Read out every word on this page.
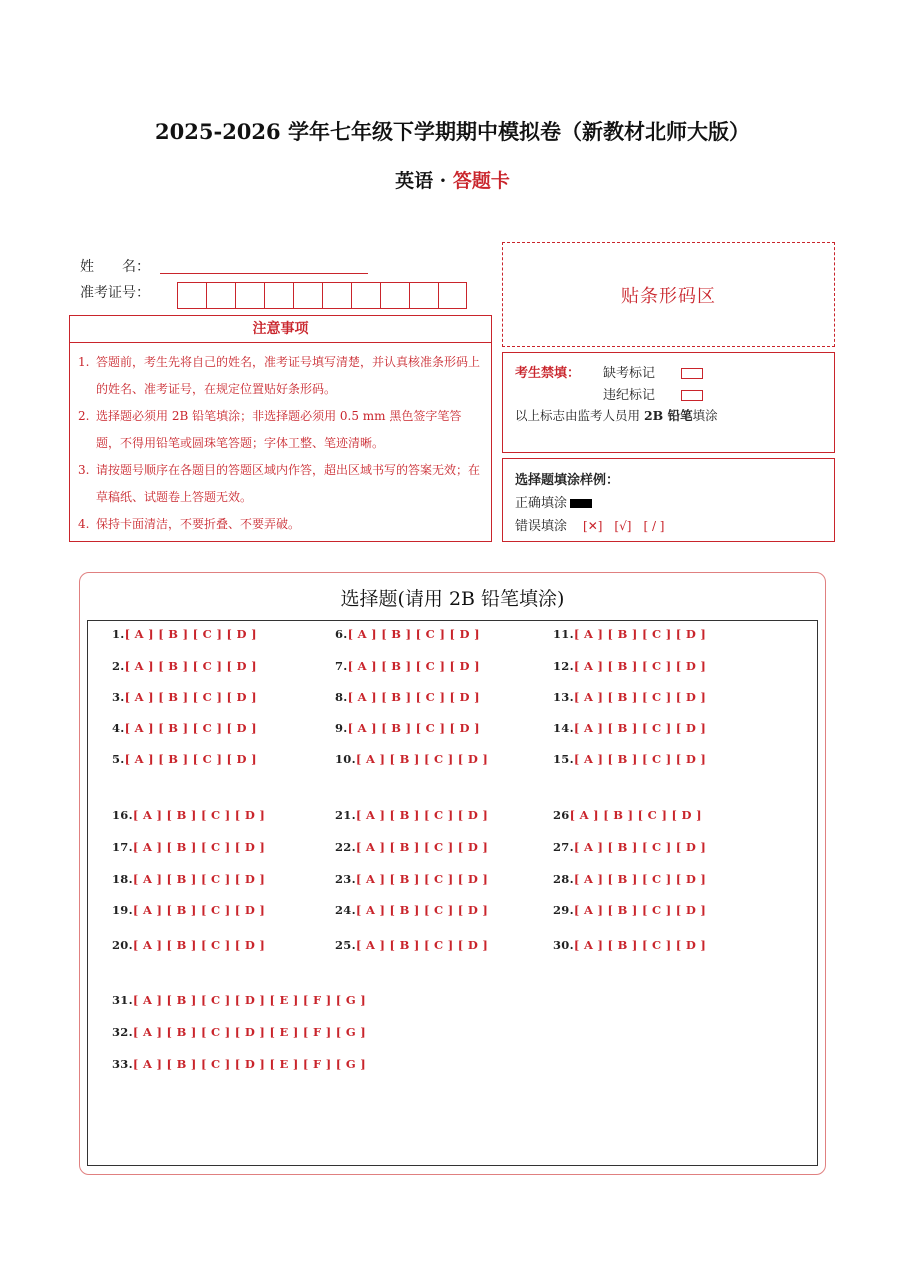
2025-2026 学年七年级下学期期中模拟卷（新教材北师大版）
英语 · 答题卡
姓　　名：
准考证号：
注意事项
1. 答题前，考生先将自己的姓名，准考证号填写清楚，并认真核准条形码上的姓名、准考证号，在规定位置贴好条形码。
2. 选择题必须用 2B 铅笔填涂；非选择题必须用 0.5 mm 黑色签字笔答题，不得用铅笔或圆珠笔答题；字体工整、笔迹清晰。
3. 请按题号顺序在各题目的答题区域内作答，超出区域书写的答案无效；在草稿纸、试题卷上答题无效。
4. 保持卡面清洁，不要折叠、不要弄破。
贴条形码区
考生禁填： 缺考标记
违纪标记
以上标志由监考人员用 2B 铅笔填涂
选择题填涂样例：
正确填涂
错误填涂 [✕]　[√]　[ / ]
选择题(请用 2B 铅笔填涂)
1.[ A ] [ B ] [ C ] [ D ]
2.[ A ] [ B ] [ C ] [ D ]
3.[ A ] [ B ] [ C ] [ D ]
4.[ A ] [ B ] [ C ] [ D ]
5.[ A ] [ B ] [ C ] [ D ]
6.[ A ] [ B ] [ C ] [ D ]
7.[ A ] [ B ] [ C ] [ D ]
8.[ A ] [ B ] [ C ] [ D ]
9.[ A ] [ B ] [ C ] [ D ]
10.[ A ] [ B ] [ C ] [ D ]
11.[ A ] [ B ] [ C ] [ D ]
12.[ A ] [ B ] [ C ] [ D ]
13.[ A ] [ B ] [ C ] [ D ]
14.[ A ] [ B ] [ C ] [ D ]
15.[ A ] [ B ] [ C ] [ D ]
16.[ A ] [ B ] [ C ] [ D ]
17.[ A ] [ B ] [ C ] [ D ]
18.[ A ] [ B ] [ C ] [ D ]
19.[ A ] [ B ] [ C ] [ D ]
20.[ A ] [ B ] [ C ] [ D ]
21.[ A ] [ B ] [ C ] [ D ]
22.[ A ] [ B ] [ C ] [ D ]
23.[ A ] [ B ] [ C ] [ D ]
24.[ A ] [ B ] [ C ] [ D ]
25.[ A ] [ B ] [ C ] [ D ]
26[ A ] [ B ] [ C ] [ D ]
27.[ A ] [ B ] [ C ] [ D ]
28.[ A ] [ B ] [ C ] [ D ]
29.[ A ] [ B ] [ C ] [ D ]
30.[ A ] [ B ] [ C ] [ D ]
31.[ A ] [ B ] [ C ] [ D ] [ E ] [ F ] [ G ]
32.[ A ] [ B ] [ C ] [ D ] [ E ] [ F ] [ G ]
33.[ A ] [ B ] [ C ] [ D ] [ E ] [ F ] [ G ]
